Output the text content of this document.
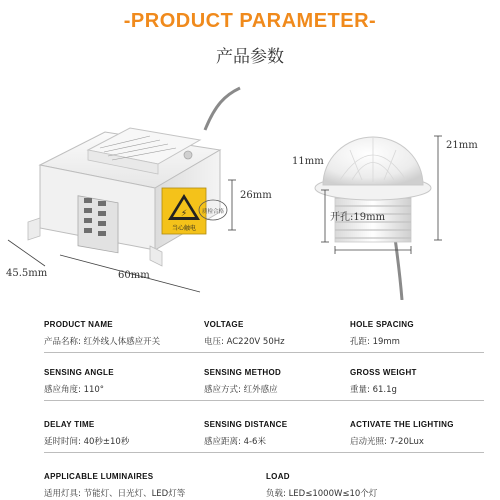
-PRODUCT PARAMETER-
产品参数
⚡
当心触电
质检合格
26mm
45.5mm	60mm
21mm
11mm
开孔:19mm
PRODUCT NAME
产品名称: 红外线人体感应开关
VOLTAGE
电压: AC220V 50Hz
HOLE SPACING
孔距: 19mm
SENSING ANGLE
感应角度: 110°
SENSING METHOD
感应方式: 红外感应
GROSS WEIGHT
重量: 61.1g
DELAY TIME
延时时间: 40秒±10秒
SENSING DISTANCE
感应距离: 4-6米
ACTIVATE THE LIGHTING
启动光照: 7-20Lux
APPLICABLE LUMINAIRES
适用灯具: 节能灯、日光灯、LED灯等
LOAD
负载: LED≤1000W≤10个灯
